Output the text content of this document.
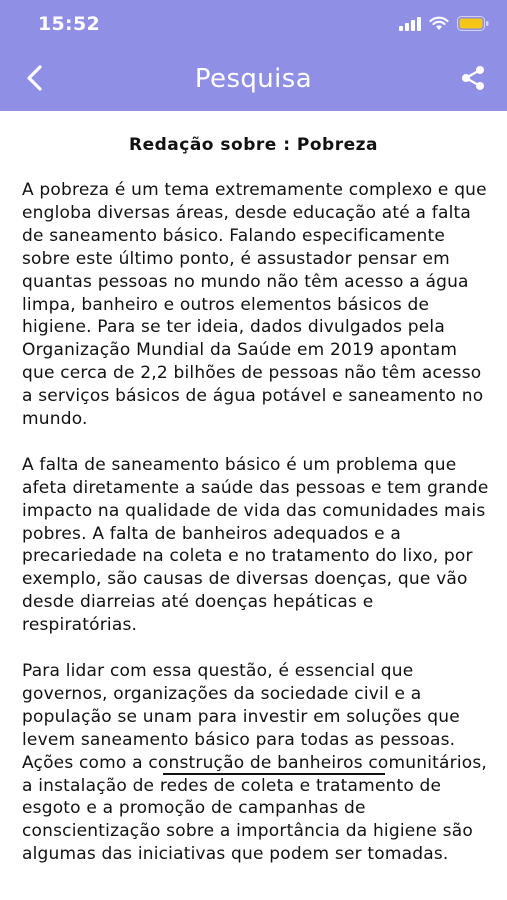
15:52
Pesquisa
Redação sobre : Pobreza
A pobreza é um tema extremamente complexo e que engloba diversas áreas, desde educação até a falta de saneamento básico. Falando especificamente sobre este último ponto, é assustador pensar em quantas pessoas no mundo não têm acesso a água limpa, banheiro e outros elementos básicos de higiene. Para se ter ideia, dados divulgados pela Organização Mundial da Saúde em 2019 apontam que cerca de 2,2 bilhões de pessoas não têm acesso a serviços básicos de água potável e saneamento no mundo.
A falta de saneamento básico é um problema que afeta diretamente a saúde das pessoas e tem grande impacto na qualidade de vida das comunidades mais pobres. A falta de banheiros adequados e a precariedade na coleta e no tratamento do lixo, por exemplo, são causas de diversas doenças, que vão desde diarreias até doenças hepáticas e respiratórias.
Para lidar com essa questão, é essencial que governos, organizações da sociedade civil e a população se unam para investir em soluções que levem saneamento básico para todas as pessoas. Ações como a construção de banheiros comunitários, a instalação de redes de coleta e tratamento de esgoto e a promoção de campanhas de conscientização sobre a importância da higiene são algumas das iniciativas que podem ser tomadas.
